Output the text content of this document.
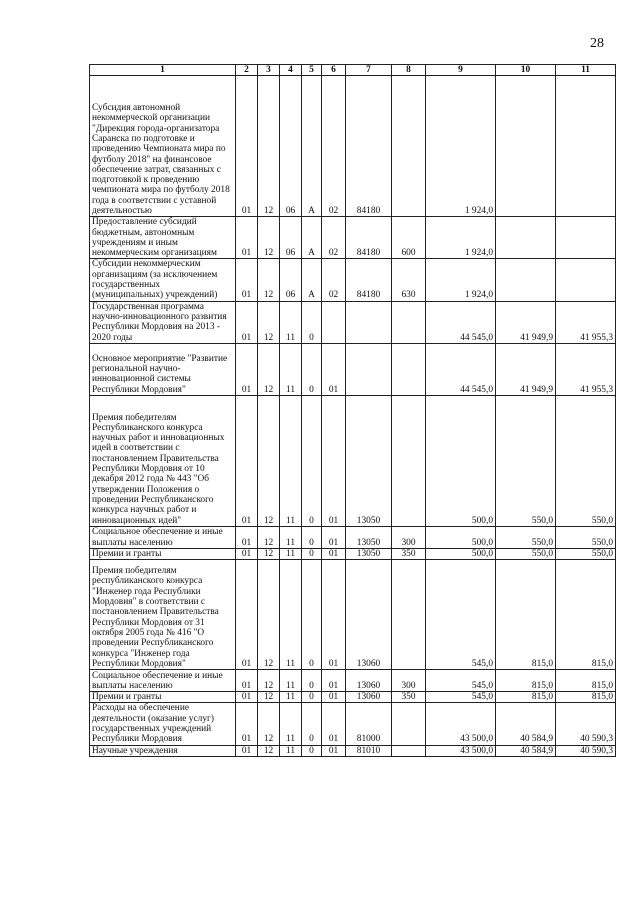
28
1	2	3	4	5	6	7	8	9	10	11
Субсидия автономной некоммерческой организации "Дирекция города-организатора Саранска по подготовке и проведению Чемпионата мира по футболу 2018" на финансовое обеспечение затрат, связанных с подготовкой к проведению чемпионата мира по футболу 2018 года в соответствии с уставной деятельностью	01	12	06	А	02	84180		1 924,0		
Предоставление субсидий бюджетным, автономным учреждениям и иным некоммерческим организациям	01	12	06	А	02	84180	600	1 924,0		
Субсидии некоммерческим организациям (за исключением государственных (муниципальных) учреждений)	01	12	06	А	02	84180	630	1 924,0		
Государственная программа научно-инновационного развития Республики Мордовия на 2013 - 2020 годы	01	12	11	0				44 545,0	41 949,9	41 955,3
Основное мероприятие "Развитие региональной научно-инновационной системы Республики Мордовия"	01	12	11	0	01			44 545,0	41 949,9	41 955,3
Премия победителям Республиканского конкурса научных работ и инновационных идей в соответствии с постановлением Правительства Республики Мордовия от 10 декабря 2012 года № 443 "Об утверждении Положения о проведении Республиканского конкурса научных работ и инновационных идей"	01	12	11	0	01	13050		500,0	550,0	550,0
Социальное обеспечение и иные выплаты населению	01	12	11	0	01	13050	300	500,0	550,0	550,0
Премии и гранты	01	12	11	0	01	13050	350	500,0	550,0	550,0
Премия победителям республиканского конкурса "Инженер года Республики Мордовия" в соответствии с постановлением Правительства Республики Мордовия от 31 октября 2005 года № 416 "О проведении Республиканского конкурса "Инженер года Республики Мордовия"	01	12	11	0	01	13060		545,0	815,0	815,0
Социальное обеспечение и иные выплаты населению	01	12	11	0	01	13060	300	545,0	815,0	815,0
Премии и гранты	01	12	11	0	01	13060	350	545,0	815,0	815,0
Расходы на обеспечение деятельности (оказание услуг) государственных учреждений Республики Мордовия	01	12	11	0	01	81000		43 500,0	40 584,9	40 590,3
Научные учреждения	01	12	11	0	01	81010		43 500,0	40 584,9	40 590,3
